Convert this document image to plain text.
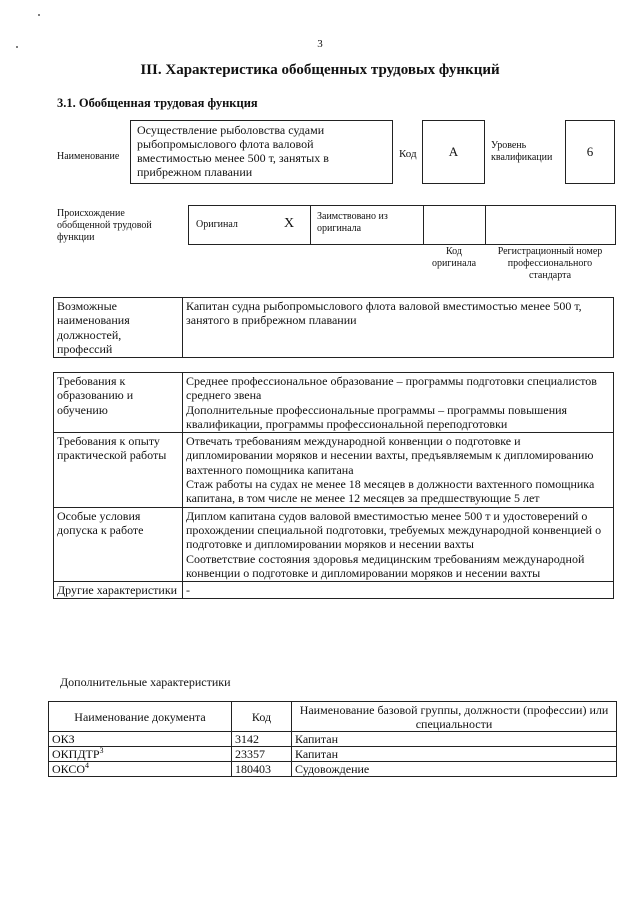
3
III. Характеристика обобщенных трудовых функций
3.1. Обобщенная трудовая функция
Наименование
Осуществление рыболовства судами рыбопромыслового флота валовой вместимостью менее 500 т, занятых в прибрежном плавании
Код A	Уровень квалификации	6
Происхождение обобщенной трудовой функции
Оригинал	X Заимствовано из оригинала
Код оригинала
Регистрационный номер профессионального стандарта
Возможные наименования должностей, профессий	Капитан судна рыбопромыслового флота валовой вместимостью менее 500 т, занятого в прибрежном плавании
Требования к образованию и обучению	Среднее профессиональное образование – программы подготовки специалистов среднего звена
Дополнительные профессиональные программы – программы повышения квалификации, программы профессиональной переподготовки

Требования к опыту практической работы	Отвечать требованиям международной конвенции о подготовке и дипломировании моряков и несении вахты, предъявляемым к дипломированию вахтенного помощника капитана
Стаж работы на судах не менее 18 месяцев в должности вахтенного помощника капитана, в том числе не менее 12 месяцев за предшествующие 5 лет

Особые условия допуска к работе	Диплом капитана судов валовой вместимостью менее 500 т и удостоверений о прохождении специальной подготовки, требуемых международной конвенцией о подготовке и дипломировании моряков и несении вахты
Соответствие состояния здоровья медицинским требованиям международной конвенции о подготовке и дипломировании моряков и несении вахты

Другие характеристики	-
Дополнительные характеристики
Наименование документа	Код	Наименование базовой группы, должности (профессии) или специальности
ОКЗ	3142	Капитан
ОКПДТР$^3$	23357	Капитан
ОКСО$^4$	180403	Судовождение
